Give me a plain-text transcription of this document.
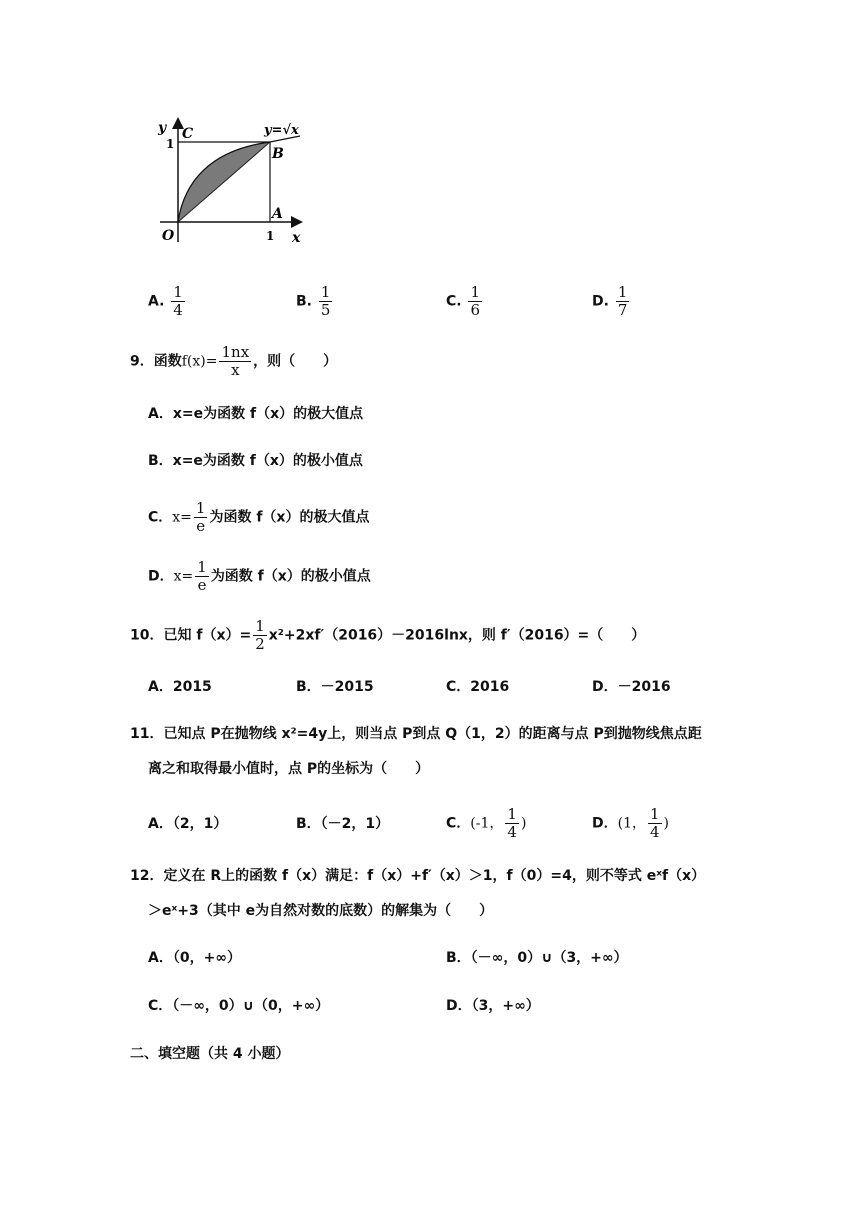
y
x
O
1
1
C
B
A
y=√x
A. $\frac{1}{4}$	B. $\frac{1}{5}$	C. $\frac{1}{6}$	D. $\frac{1}{7}$
9．函数$f(x)= \frac{1nx}{x}$ ，则（　　）
A．x=e为函数 f（x）的极大值点
B．x=e为函数 f（x）的极小值点
C．$x= \frac{1}{e}$ 为函数 f（x）的极大值点
D．$x= \frac{1}{e}$ 为函数 f（x）的极小值点
10．已知 $f(x)= \frac{1}{2} x^2+2xf'(2016)-2016\ln x$，则 f′（2016）=（　　）
A．2015	B．－2015	C．2016	D．－2016
11．已知点 P在抛物线 x²=4y上，则当点 P到点 Q（1，2）的距离与点 P到抛物线焦点距
离之和取得最小值时，点 P的坐标为（　　）
A．（2，1）	B．（－2，1）	C．(-1， $\frac{1}{4}$ )	D．(1， $\frac{1}{4}$ )
12．定义在 R上的函数 f（x）满足：f（x）+f′（x）＞1，f（0）=4，则不等式 eˣf（x）
＞eˣ+3（其中 e为自然对数的底数）的解集为（　　）
A．（0，+∞）	B．（－∞，0）∪（3，+∞）
C．（－∞，0）∪（0，+∞）	D．（3，+∞）
二、填空题（共 4 小题）
